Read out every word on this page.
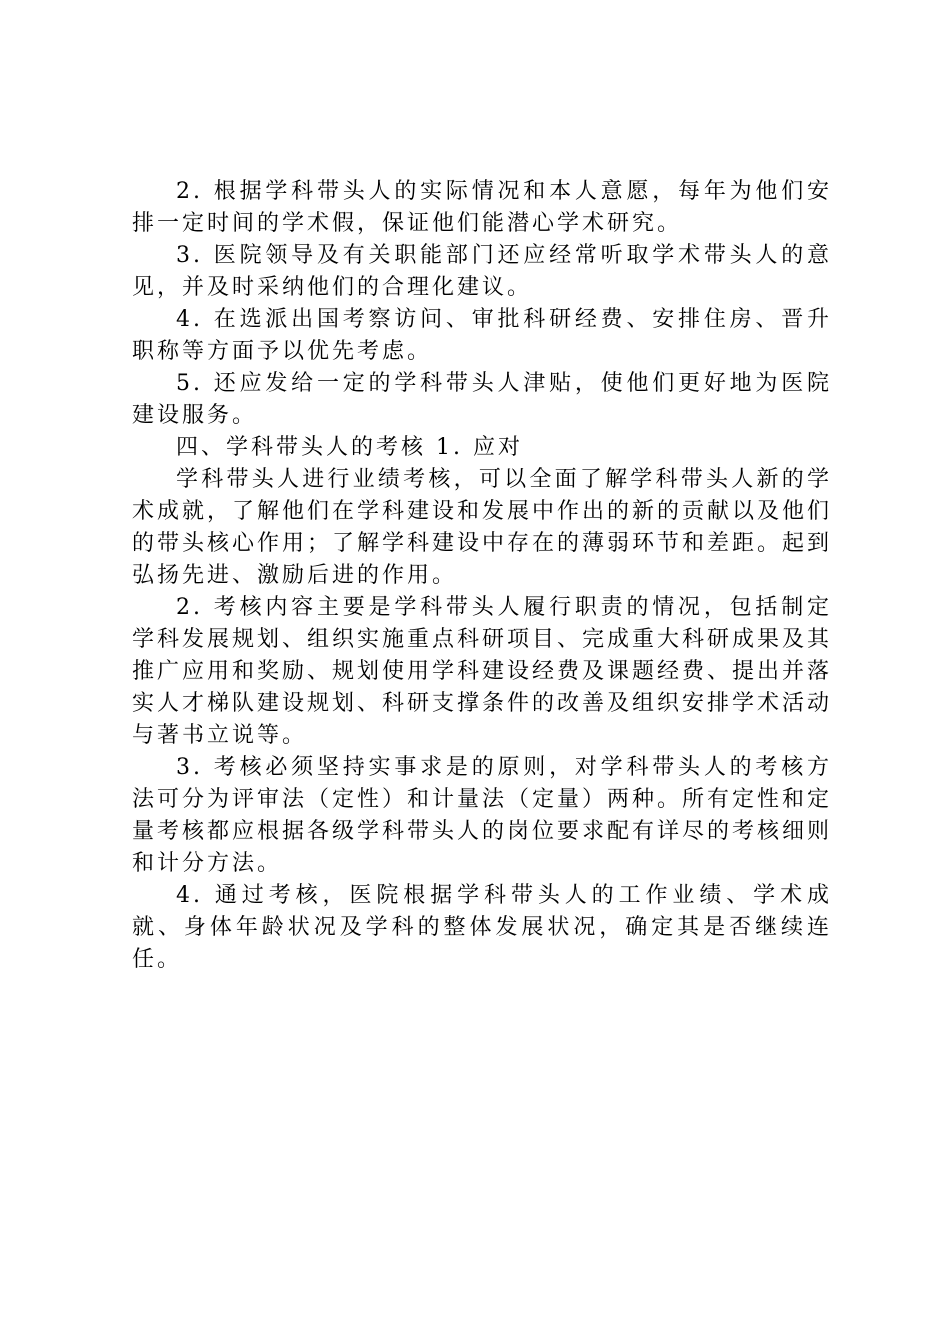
2. 根据学科带头人的实际情况和本人意愿，每年为他们安排一定时间的学术假，保证他们能潜心学术研究。

3. 医院领导及有关职能部门还应经常听取学术带头人的意见，并及时采纳他们的合理化建议。

4. 在选派出国考察访问、审批科研经费、安排住房、晋升职称等方面予以优先考虑。

5. 还应发给一定的学科带头人津贴，使他们更好地为医院建设服务。

四、学科带头人的考核 1. 应对

学科带头人进行业绩考核，可以全面了解学科带头人新的学术成就，了解他们在学科建设和发展中作出的新的贡献以及他们的带头核心作用；了解学科建设中存在的薄弱环节和差距。起到弘扬先进、激励后进的作用。

2. 考核内容主要是学科带头人履行职责的情况，包括制定学科发展规划、组织实施重点科研项目、完成重大科研成果及其推广应用和奖励、规划使用学科建设经费及课题经费、提出并落实人才梯队建设规划、科研支撑条件的改善及组织安排学术活动与著书立说等。

3. 考核必须坚持实事求是的原则，对学科带头人的考核方法可分为评审法（定性）和计量法（定量）两种。所有定性和定量考核都应根据各级学科带头人的岗位要求配有详尽的考核细则和计分方法。

4. 通过考核，医院根据学科带头人的工作业绩、学术成就、身体年龄状况及学科的整体发展状况，确定其是否继续连任。
